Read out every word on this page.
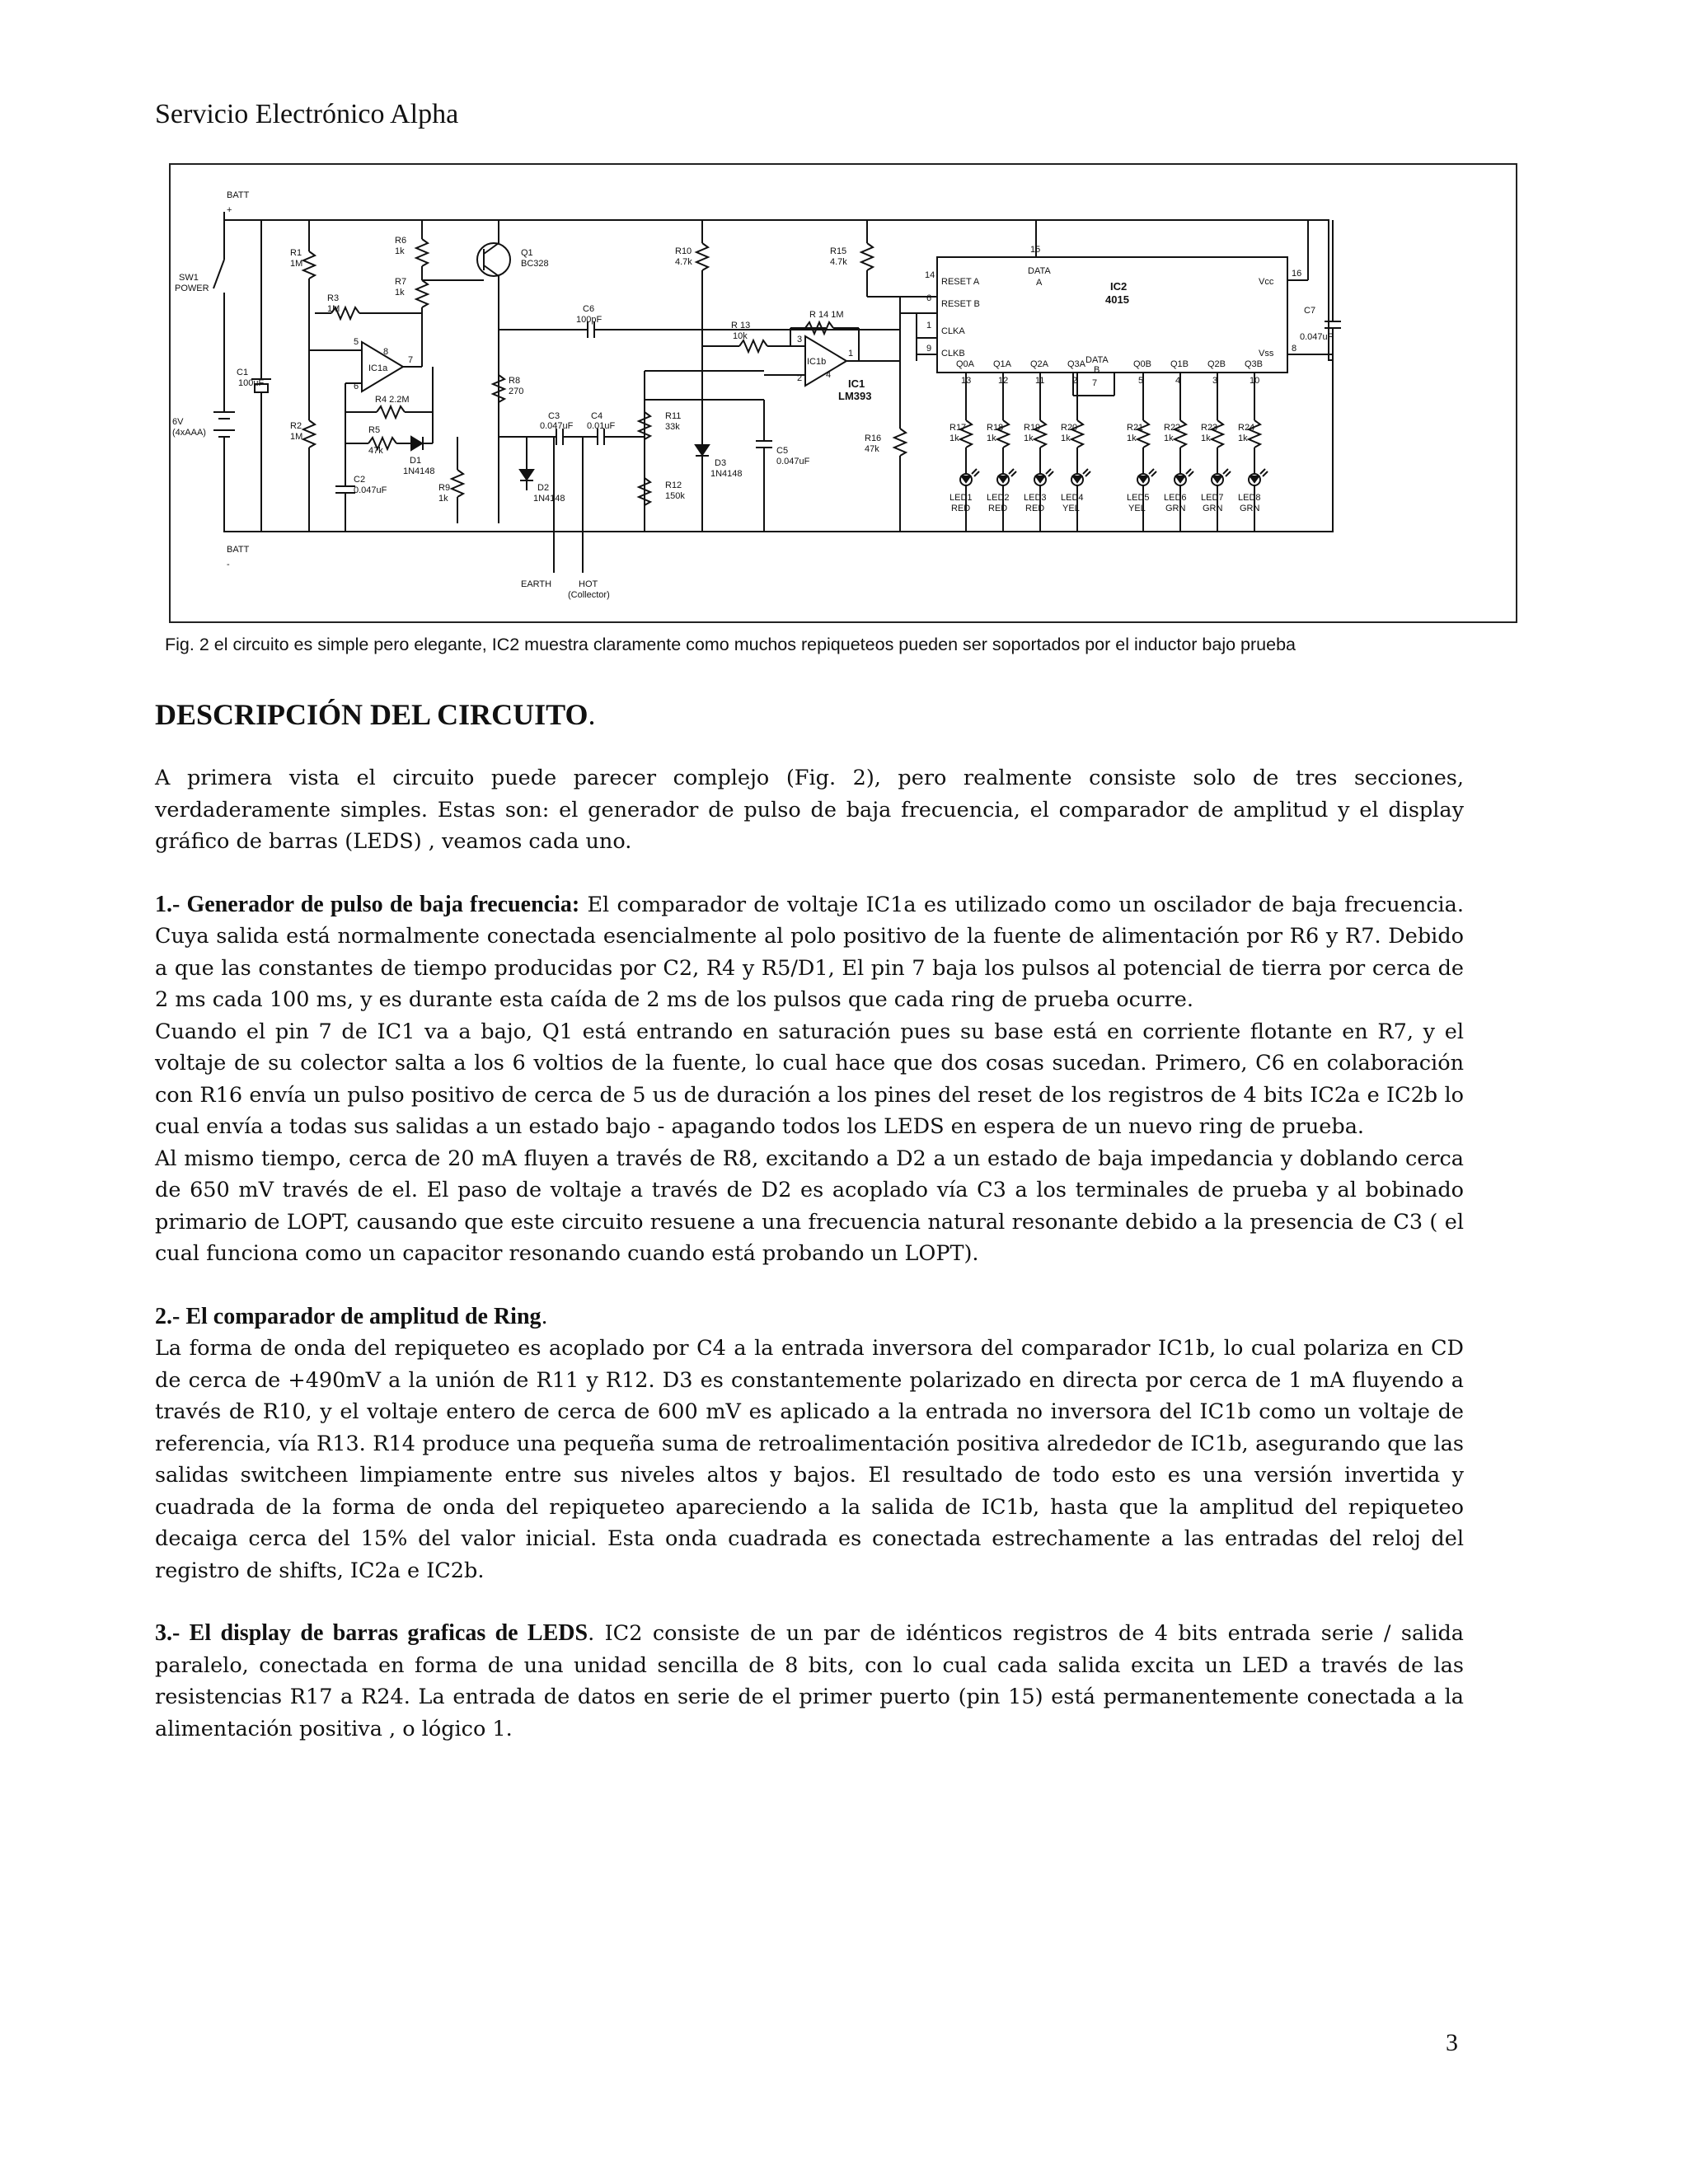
Servicio Electrónico Alpha
BATT
+
BATT
-
SW1
POWER
6V
(4xAAA)
R1
1M
C1
100uF
R2
1M
R3
1M
R6
1k
R7
1k
IC1a
R4 2.2M
R5
47k
D1
1N4148
C2
0.047uF
Q1
BC328
C6
100pF
R8
270
R9
1k
D2
1N4148
C3
0.047uF
C4
0.01uF
R10
4.7k
R11
33k
R12
150k
D3
1N4148
C5
0.047uF
R 13
10k
R 14 1M
IC1b
IC1
LM393
R15
4.7k
R16
47k
EARTH	HOT
(Collector)
IC2
4015
RESET A
RESET B
CLKA
CLKB
DATA
A
DATA
B
Vcc
Vss
C7
0.047uF
15
14
6
1
9
16
8
7
Q0A
13
R17
1k
LED1
RED
Q1A
12
R18
1k
LED2
RED
Q2A
11
R19
1k
LED3
RED
Q3A
2
R20
1k
LED4
YEL
Q0B
5
R21
1k
LED5
YEL
Q1B
4
R22
1k
LED6
GRN
Q2B
3
R23
1k
LED7
GRN
Q3B
10
R24
1k
LED8
GRN
5
6
8
7
3
2	4
1
Fig. 2 el circuito es simple pero elegante, IC2 muestra claramente como muchos repiqueteos pueden ser soportados por el inductor bajo prueba
DESCRIPCIÓN DEL CIRCUITO.

A primera vista el circuito puede parecer complejo (Fig. 2), pero realmente consiste solo de tres secciones, verdaderamente simples. Estas son: el generador de pulso de baja frecuencia, el comparador de amplitud y el display gráfico de barras (LEDS) , veamos cada uno.

1.- Generador de pulso de baja frecuencia: El comparador de voltaje IC1a es utilizado como un oscilador de baja frecuencia. Cuya salida está normalmente conectada esencialmente al polo positivo de la fuente de alimentación por R6 y R7. Debido a que las constantes de tiempo producidas por C2, R4 y R5/D1, El pin 7 baja los pulsos al potencial de tierra por cerca de 2 ms cada 100 ms, y es durante esta caída de 2 ms de los pulsos que cada ring de prueba ocurre.

Cuando el pin 7 de IC1 va a bajo, Q1 está entrando en saturación pues su base está en corriente flotante en R7, y el voltaje de su colector salta a los 6 voltios de la fuente, lo cual hace que dos cosas sucedan. Primero, C6 en colaboración con R16 envía un pulso positivo de cerca de 5 us de duración a los pines del reset de los registros de 4 bits IC2a e IC2b lo cual envía a todas sus salidas a un estado bajo - apagando todos los LEDS en espera de un nuevo ring de prueba.

Al mismo tiempo, cerca de 20 mA fluyen a través de R8, excitando a D2 a un estado de baja impedancia y doblando cerca de 650 mV través de el. El paso de voltaje a través de D2 es acoplado vía C3 a los terminales de prueba y al bobinado primario de LOPT, causando que este circuito resuene a una frecuencia natural resonante debido a la presencia de C3 ( el cual funciona como un capacitor resonando cuando está probando un LOPT).

2.- El comparador de amplitud de Ring.

La forma de onda del repiqueteo es acoplado por C4 a la entrada inversora del comparador IC1b, lo cual polariza en CD de cerca de +490mV a la unión de R11 y R12. D3 es constantemente polarizado en directa por cerca de 1 mA fluyendo a través de R10, y el voltaje entero de cerca de 600 mV es aplicado a la entrada no inversora del IC1b como un voltaje de referencia, vía R13. R14 produce una pequeña suma de retroalimentación positiva alrededor de IC1b, asegurando que las salidas switcheen limpiamente entre sus niveles altos y bajos. El resultado de todo esto es una versión invertida y cuadrada de la forma de onda del repiqueteo apareciendo a la salida de IC1b, hasta que la amplitud del repiqueteo decaiga cerca del 15% del valor inicial. Esta onda cuadrada es conectada estrechamente a las entradas del reloj del registro de shifts, IC2a e IC2b.

3.- El display de barras graficas de LEDS. IC2 consiste de un par de idénticos registros de 4 bits entrada serie / salida paralelo, conectada en forma de una unidad sencilla de 8 bits, con lo cual cada salida excita un LED a través de las resistencias R17 a R24. La entrada de datos en serie de el primer puerto (pin 15) está permanentemente conectada a la alimentación positiva , o lógico 1.

3
